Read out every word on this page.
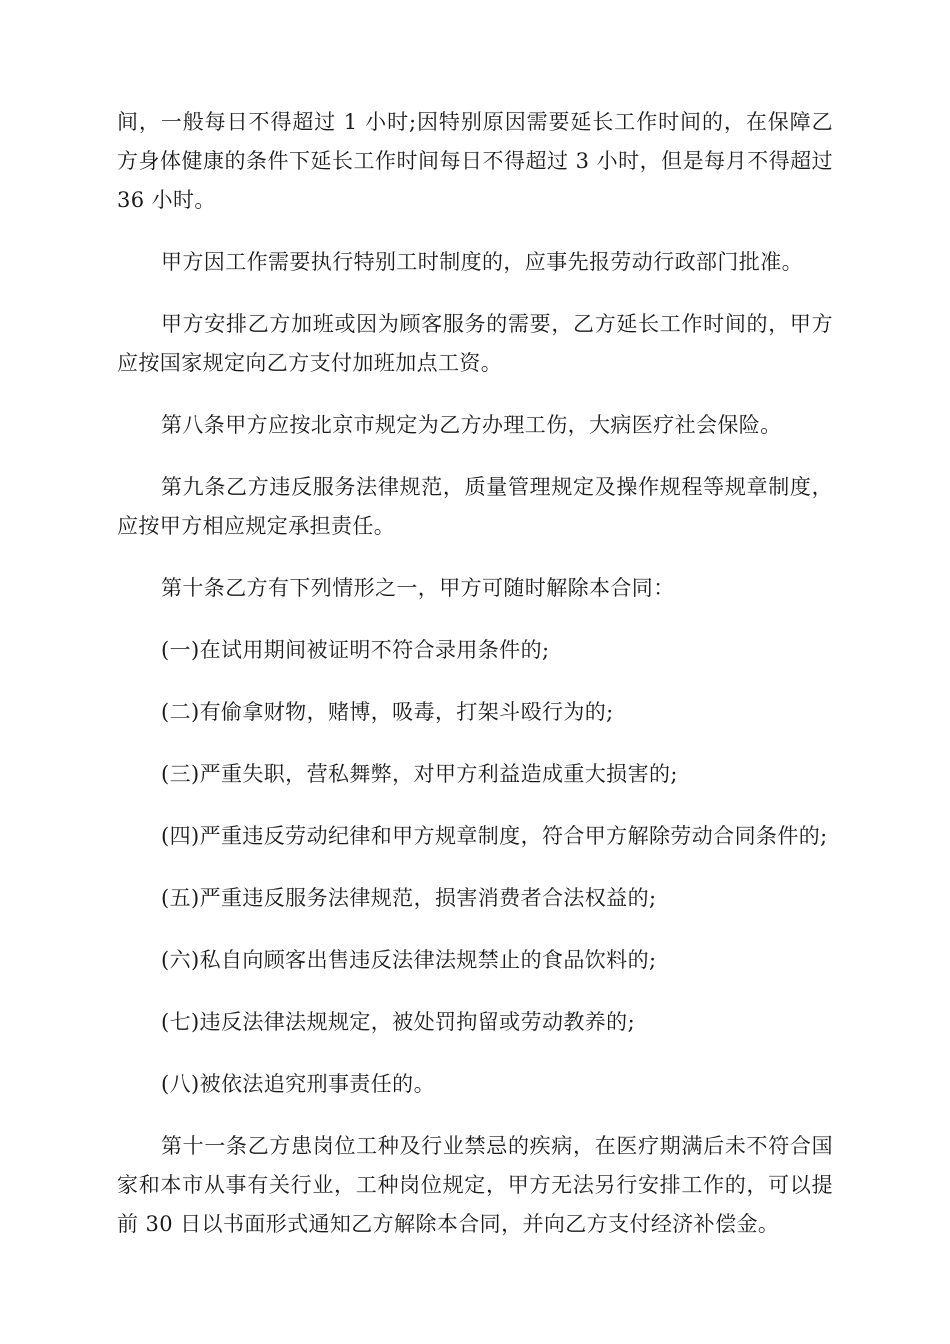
间，一般每日不得超过 1 小时;因特别原因需要延长工作时间的，在保障乙方身体健康的条件下延长工作时间每日不得超过 3 小时，但是每月不得超过 36 小时。

甲方因工作需要执行特别工时制度的，应事先报劳动行政部门批准。

甲方安排乙方加班或因为顾客服务的需要，乙方延长工作时间的，甲方应按国家规定向乙方支付加班加点工资。

第八条甲方应按北京市规定为乙方办理工伤，大病医疗社会保险。

第九条乙方违反服务法律规范，质量管理规定及操作规程等规章制度，应按甲方相应规定承担责任。

第十条乙方有下列情形之一，甲方可随时解除本合同：

(一)在试用期间被证明不符合录用条件的;

(二)有偷拿财物，赌博，吸毒，打架斗殴行为的;

(三)严重失职，营私舞弊，对甲方利益造成重大损害的;

(四)严重违反劳动纪律和甲方规章制度，符合甲方解除劳动合同条件的;

(五)严重违反服务法律规范，损害消费者合法权益的;

(六)私自向顾客出售违反法律法规禁止的食品饮料的;

(七)违反法律法规规定，被处罚拘留或劳动教养的;

(八)被依法追究刑事责任的。

第十一条乙方患岗位工种及行业禁忌的疾病，在医疗期满后未不符合国家和本市从事有关行业，工种岗位规定，甲方无法另行安排工作的，可以提前 30 日以书面形式通知乙方解除本合同，并向乙方支付经济补偿金。
